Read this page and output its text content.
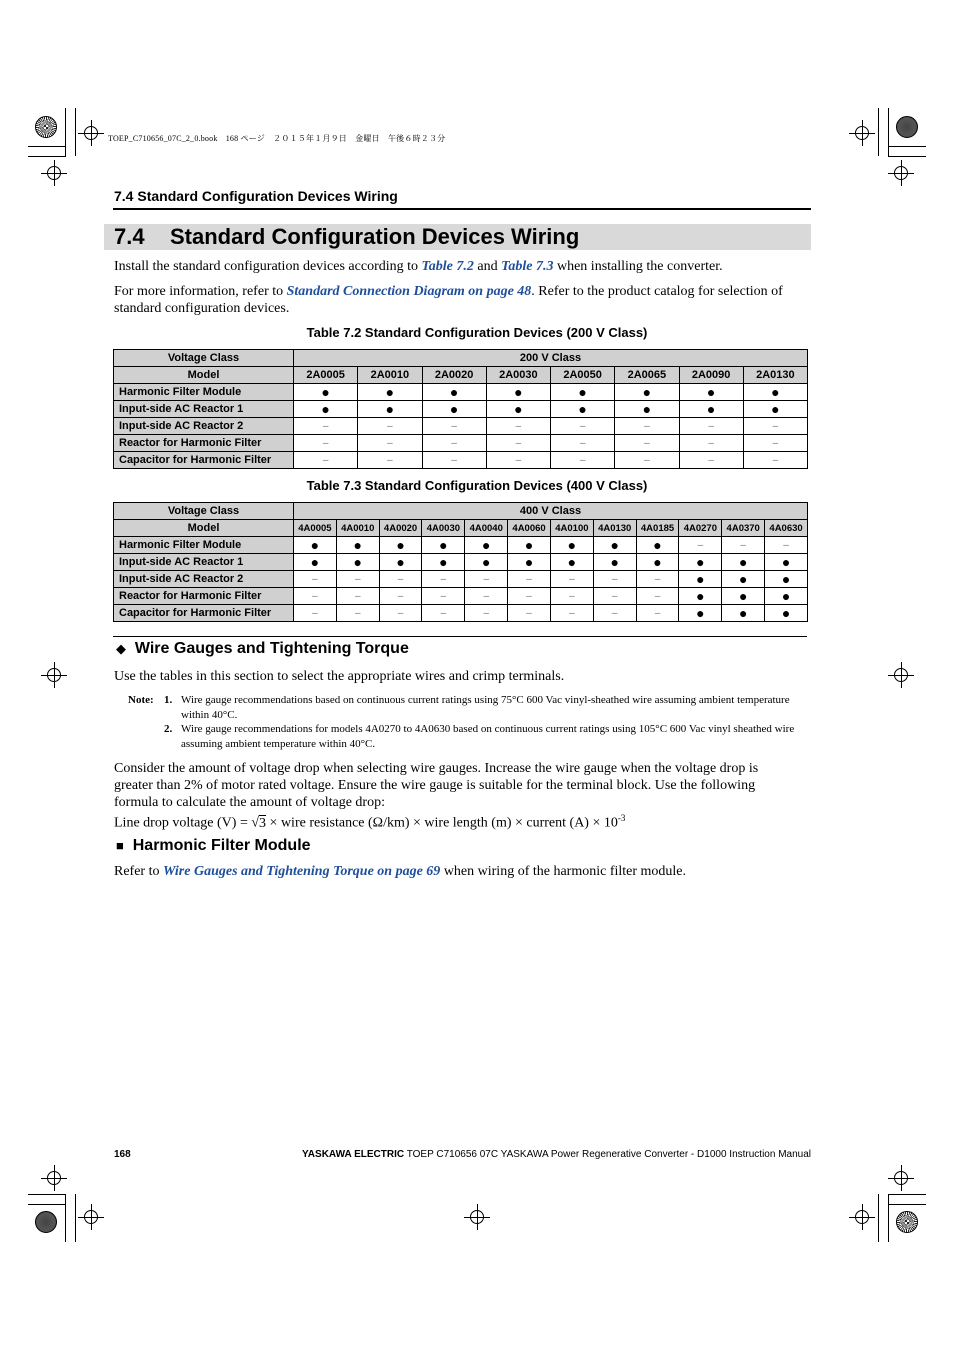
TOEP_C710656_07C_2_0.book　168 ページ　２０１５年１月９日　金曜日　午後６時２３分
7.4 Standard Configuration Devices Wiring
7.4 Standard Configuration Devices Wiring
Install the standard configuration devices according to Table 7.2 and Table 7.3 when installing the converter.
For more information, refer to Standard Connection Diagram on page 48. Refer to the product catalog for selection of standard configuration devices.
Table 7.2 Standard Configuration Devices (200 V Class)
Voltage Class	200 V Class							
Model	2A0005	2A0010	2A0020	2A0030	2A0050	2A0065	2A0090	2A0130
Harmonic Filter Module	●	●	●	●	●	●	●	●
Input-side AC Reactor 1	●	●	●	●	●	●	●	●
Input-side AC Reactor 2	–	–	–	–	–	–	–	–
Reactor for Harmonic Filter	–	–	–	–	–	–	–	–
Capacitor for Harmonic Filter	–	–	–	–	–	–	–	–
Table 7.3 Standard Configuration Devices (400 V Class)
Voltage Class	400 V Class											
Model	4A0005	4A0010	4A0020	4A0030	4A0040	4A0060	4A0100	4A0130	4A0185	4A0270	4A0370	4A0630
Harmonic Filter Module	●	●	●	●	●	●	●	●	●	–	–	–
Input-side AC Reactor 1	●	●	●	●	●	●	●	●	●	●	●	●
Input-side AC Reactor 2	–	–	–	–	–	–	–	–	–	●	●	●
Reactor for Harmonic Filter	–	–	–	–	–	–	–	–	–	●	●	●
Capacitor for Harmonic Filter	–	–	–	–	–	–	–	–	–	●	●	●
◆ Wire Gauges and Tightening Torque
Use the tables in this section to select the appropriate wires and crimp terminals.
Note: 1. Wire gauge recommendations based on continuous current ratings using 75°C 600 Vac vinyl-sheathed wire assuming ambient temperature within 40°C.
2. Wire gauge recommendations for models 4A0270 to 4A0630 based on continuous current ratings using 105°C 600 Vac vinyl sheathed wire assuming ambient temperature within 40°C.
Consider the amount of voltage drop when selecting wire gauges. Increase the wire gauge when the voltage drop is greater than 2% of motor rated voltage. Ensure the wire gauge is suitable for the terminal block. Use the following formula to calculate the amount of voltage drop:
Line drop voltage (V) = √3 × wire resistance (Ω/km) × wire length (m) × current $(A) \times 10^{-3}$
■ Harmonic Filter Module
Refer to Wire Gauges and Tightening Torque on page 69 when wiring of the harmonic filter module.
168	YASKAWA ELECTRIC TOEP C710656 07C YASKAWA Power Regenerative Converter - D1000 Instruction Manual
